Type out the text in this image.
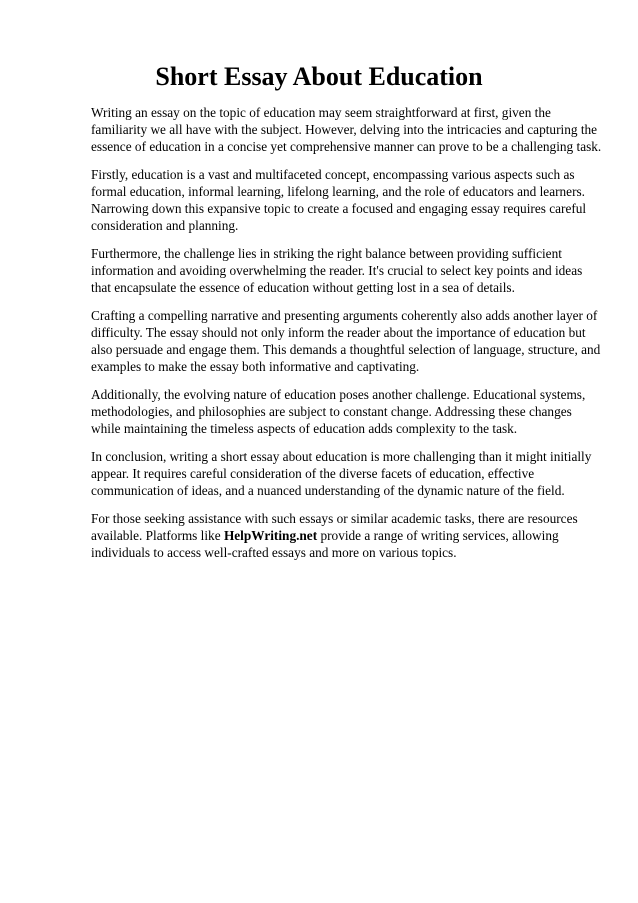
Short Essay About Education

Writing an essay on the topic of education may seem straightforward at first, given the familiarity we all have with the subject. However, delving into the intricacies and capturing the essence of education in a concise yet comprehensive manner can prove to be a challenging task.

Firstly, education is a vast and multifaceted concept, encompassing various aspects such as formal education, informal learning, lifelong learning, and the role of educators and learners. Narrowing down this expansive topic to create a focused and engaging essay requires careful consideration and planning.

Furthermore, the challenge lies in striking the right balance between providing sufficient information and avoiding overwhelming the reader. It's crucial to select key points and ideas that encapsulate the essence of education without getting lost in a sea of details.

Crafting a compelling narrative and presenting arguments coherently also adds another layer of difficulty. The essay should not only inform the reader about the importance of education but also persuade and engage them. This demands a thoughtful selection of language, structure, and examples to make the essay both informative and captivating.

Additionally, the evolving nature of education poses another challenge. Educational systems, methodologies, and philosophies are subject to constant change. Addressing these changes while maintaining the timeless aspects of education adds complexity to the task.

In conclusion, writing a short essay about education is more challenging than it might initially appear. It requires careful consideration of the diverse facets of education, effective communication of ideas, and a nuanced understanding of the dynamic nature of the field.

For those seeking assistance with such essays or similar academic tasks, there are resources available. Platforms like HelpWriting.net provide a range of writing services, allowing individuals to access well-crafted essays and more on various topics.
